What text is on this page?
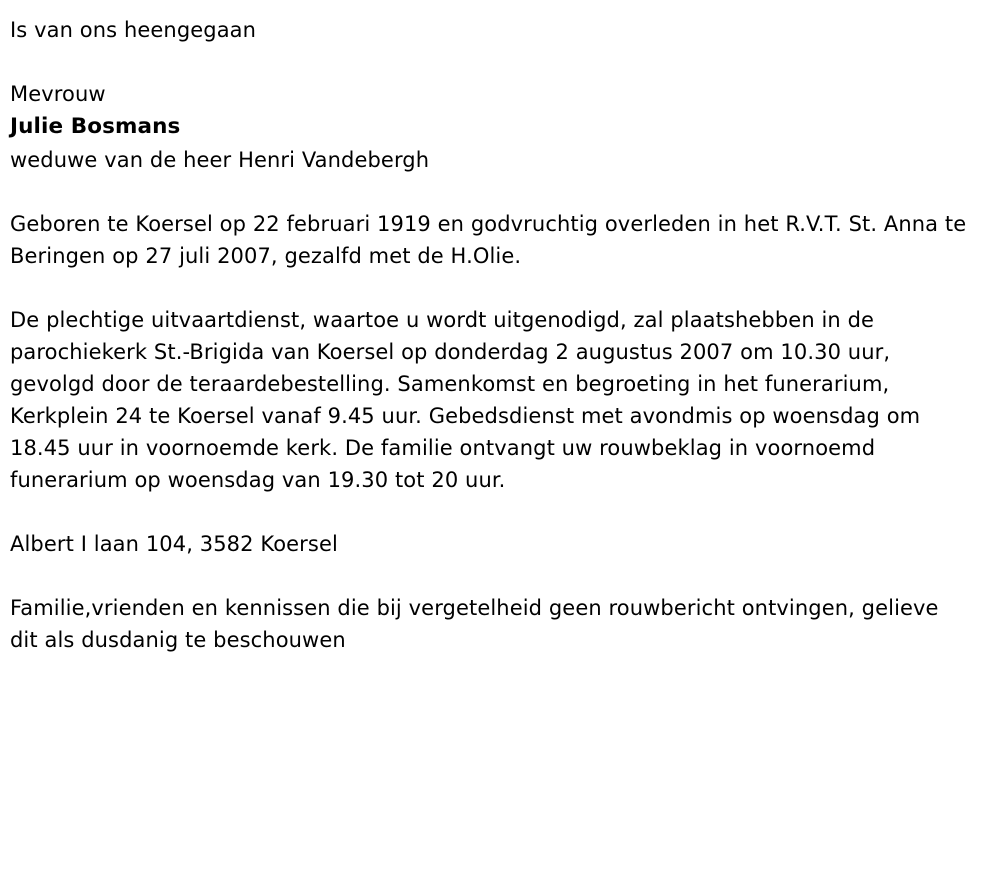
Is van ons heengegaan

Mevrouw

Julie Bosmans

weduwe van de heer Henri Vandebergh

Geboren te Koersel op 22 februari 1919 en godvruchtig overleden in het R.V.T. St. Anna te Beringen op 27 juli 2007, gezalfd met de H.Olie.

De plechtige uitvaartdienst, waartoe u wordt uitgenodigd, zal plaatshebben in de parochiekerk St.-Brigida van Koersel op donderdag 2 augustus 2007 om 10.30 uur, gevolgd door de teraardebestelling. Samenkomst en begroeting in het funerarium, Kerkplein 24 te Koersel vanaf 9.45 uur. Gebedsdienst met avondmis op woensdag om 18.45 uur in voornoemde kerk. De familie ontvangt uw rouwbeklag in voornoemd funerarium op woensdag van 19.30 tot 20 uur.

Albert I laan 104, 3582 Koersel

Familie,vrienden en kennissen die bij vergetelheid geen rouwbericht ontvingen, gelieve dit als dusdanig te beschouwen
